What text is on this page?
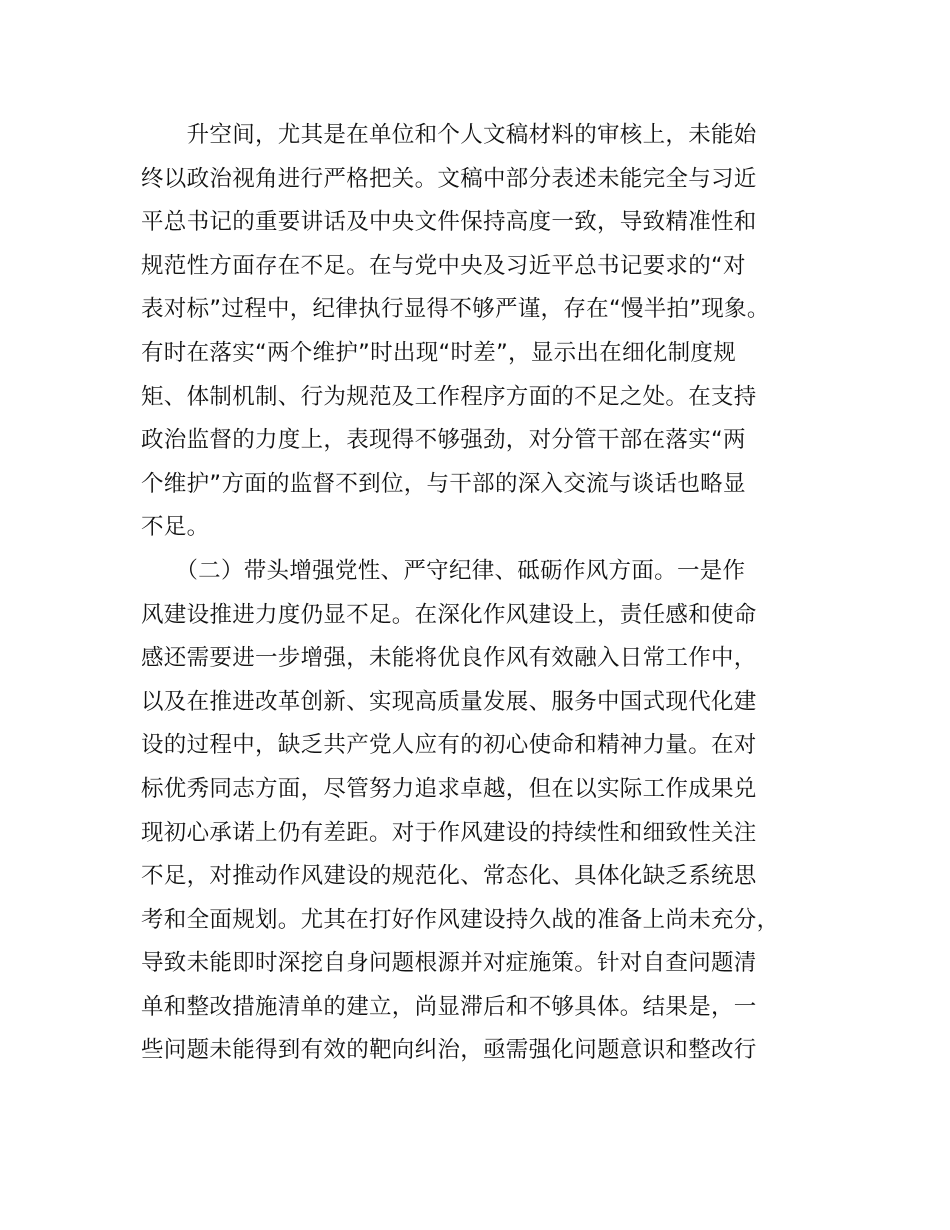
　　升空间，尤其是在单位和个人文稿材料的审核上，未能始
终以政治视角进行严格把关。文稿中部分表述未能完全与习近
平总书记的重要讲话及中央文件保持高度一致，导致精准性和
规范性方面存在不足。在与党中央及习近平总书记要求的“对
表对标”过程中，纪律执行显得不够严谨，存在“慢半拍”现象。
有时在落实“两个维护”时出现“时差”，显示出在细化制度规
矩、体制机制、行为规范及工作程序方面的不足之处。在支持
政治监督的力度上，表现得不够强劲，对分管干部在落实“两
个维护”方面的监督不到位，与干部的深入交流与谈话也略显
不足。
　　（二）带头增强党性、严守纪律、砥砺作风方面。一是作
风建设推进力度仍显不足。在深化作风建设上，责任感和使命
感还需要进一步增强，未能将优良作风有效融入日常工作中，
以及在推进改革创新、实现高质量发展、服务中国式现代化建
设的过程中，缺乏共产党人应有的初心使命和精神力量。在对
标优秀同志方面，尽管努力追求卓越，但在以实际工作成果兑
现初心承诺上仍有差距。对于作风建设的持续性和细致性关注
不足，对推动作风建设的规范化、常态化、具体化缺乏系统思
考和全面规划。尤其在打好作风建设持久战的准备上尚未充分，
导致未能即时深挖自身问题根源并对症施策。针对自查问题清
单和整改措施清单的建立，尚显滞后和不够具体。结果是，一
些问题未能得到有效的靶向纠治，亟需强化问题意识和整改行
